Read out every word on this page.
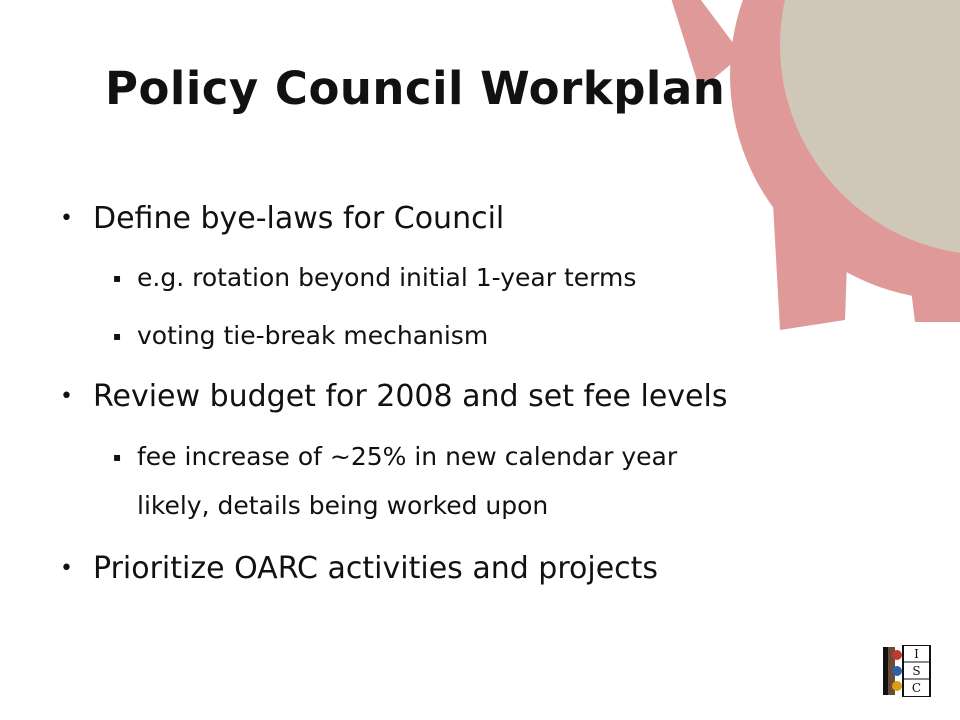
Policy Council Workplan
• Define bye-laws for Council
▪ e.g. rotation beyond initial 1-year terms
▪ voting tie-break mechanism
• Review budget for 2008 and set fee levels
▪ fee increase of ~25% in new calendar year
likely, details being worked upon
• Prioritize OARC activities and projects
I
S
C
